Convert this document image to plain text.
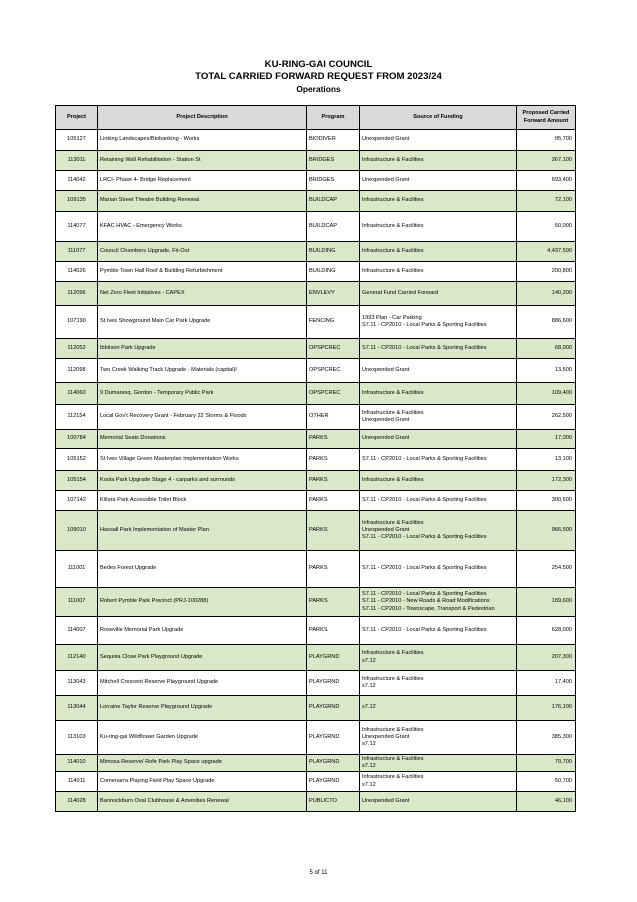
KU-RING-GAI COUNCIL
TOTAL CARRIED FORWARD REQUEST FROM 2023/24
Operations
Project	Project Description	Program	Source of Funding	Proposed Carried
Forward Amount

105127	Linking Landscapes/Biobanking - Works	BIODIVER	Unexpended Grant	95,700
113011	Retaining Wall Rehabilitation - Station St	BRIDGES	Infrastructure & Facilities	267,100
114042	LRCI- Phase 4- Bridge Replacement	BRIDGES	Unexpended Grant	693,400
109135	Marian Street Theatre Building Renewal	BUILDCAP	Infrastructure & Facilities	72,100
114077	KFAC HVAC - Emergency Works	BUILDCAP	Infrastructure & Facilities	50,000
111077	Council Chambers Upgrade, Fit-Out	BUILDING	Infrastructure & Facilities	4,437,500
114026	Pymble Town Hall Roof & Building Refurbishment	BUILDING	Infrastructure & Facilities	200,800
112096	Net Zero Fleet Initiatives - CAPEX	ENVLEVY	General Fund Carried Forward	140,200
107190	St Ives Showground Main Car Park Upgrade	FENCING	1993 Plan - Car Parking
S7.11 - CP2010 - Local Parks & Sporting Facilities	886,600
112052	Ibbitson Park Upgrade	OPSPCREC	S7.11 - CP2010 - Local Parks & Sporting Facilities	68,000
112098	Two Creek Walking Track Upgrade - Materials (capital)l	OPSPCREC	Unexpended Grant	13,500
114060	9 Dumaresq, Gordon - Temporary Public Park	OPSPCREC	Infrastructure & Facilities	109,400
112154	Local Gov't Recovery Grant - February 22 Storms & Floods	OTHER	Infrastructure & Facilities
Unexpended Grant	262,500
100784	Memorial Seats Donations	PARKS	Unexpended Grant	17,000
105152	St Ives Village Green Masterplan Implementation Works	PARKS	S7.11 - CP2010 - Local Parks & Sporting Facilities	13,100
105154	Koola Park Upgrade Stage 4 - carparks and surrounds	PARKS	Infrastructure & Facilities	172,300
107142	Killara Park Accessible Toilet Block	PARKS	S7.11 - CP2010 - Local Parks & Sporting Facilities	300,600
109010	Hassall Park Implementation of Master Plan	PARKS	Infrastructure & Facilities
Unexpended Grant
S7.11 - CP2010 - Local Parks & Sporting Facilities	966,500
111001	Bedes Forest Upgrade	PARKS	S7.11 - CP2010 - Local Parks & Sporting Facilities	254,500
111007	Robert Pymble Park Precinct (PRJ-100288)	PARKS	S7.11 - CP2010 - Local Parks & Sporting Facilities
S7.11 - CP2010 - New Roads & Road Modifications
S7.11 - CP2010 - Townscape, Transport & Pedestrian	189,600
114007	Roseville Memorial Park Upgrade	PARKS	S7.11 - CP2010 - Local Parks & Sporting Facilities	628,000
112140	Sequoia Close Park Playground Upgrade	PLAYGRND	Infrastructure & Facilities
s7.12	207,300
113043	Mitchell Crescent Reserve Playground Upgrade	PLAYGRND	Infrastructure & Facilities
s7.12	17,400
113044	Lorraine Taylor Reserve Playground Upgrade	PLAYGRND	s7.12	176,100
113103	Ku-ring-gai Wildflower Garden Upgrade	PLAYGRND	Infrastructure & Facilities
Unexpended Grant
s7.12	385,300
114010	Mimosa Reserve/ Rofe Park Play Space upgrade	PLAYGRND	Infrastructure & Facilities
s7.12	79,700
114011	Comenarra Playing Field Play Space Upgrade	PLAYGRND	Infrastructure & Facilities
s7.12	50,700
114028	Bannockburn Oval Clubhouse & Amenities Renewal	PUBLICTO	Unexpended Grant	46,100
5 of 11
